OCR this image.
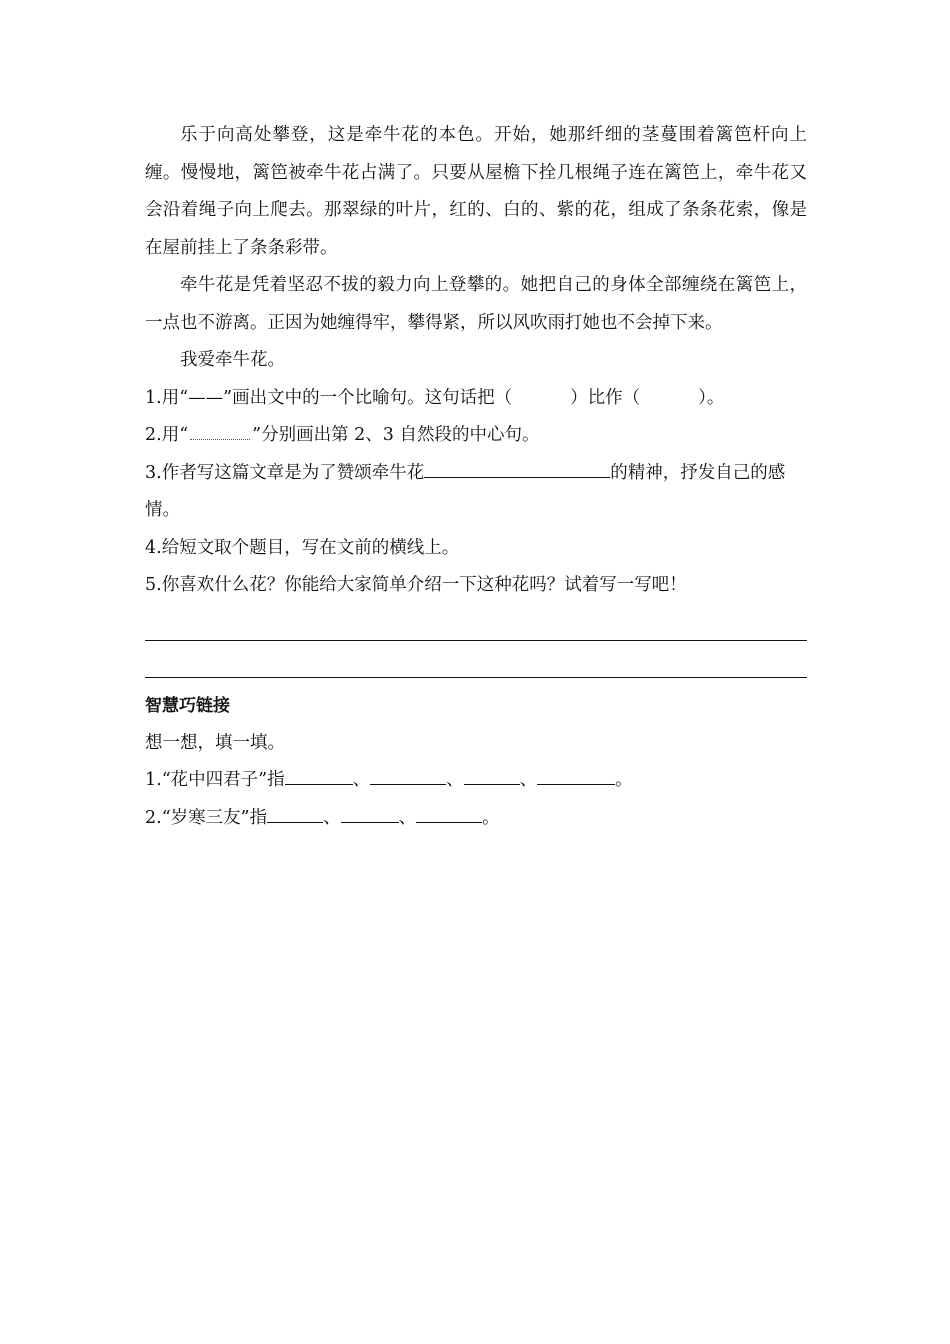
乐于向高处攀登，这是牵牛花的本色。开始，她那纤细的茎蔓围着篱笆杆向上缠。慢慢地，篱笆被牵牛花占满了。只要从屋檐下拴几根绳子连在篱笆上，牵牛花又会沿着绳子向上爬去。那翠绿的叶片，红的、白的、紫的花，组成了条条花索，像是在屋前挂上了条条彩带。

牵牛花是凭着坚忍不拔的毅力向上登攀的。她把自己的身体全部缠绕在篱笆上，一点也不游离。正因为她缠得牢，攀得紧，所以风吹雨打她也不会掉下来。

我爱牵牛花。

1.用“——”画出文中的一个比喻句。这句话把（	）比作（	）。

2.用“	”分别画出第 2、3 自然段的中心句。

3.作者写这篇文章是为了赞颂牵牛花	的精神，抒发自己的感情。

4.给短文取个题目，写在文前的横线上。

5.你喜欢什么花？你能给大家简单介绍一下这种花吗？试着写一写吧！

智慧巧链接

想一想，填一填。

1.“花中四君子”指	、	、	、	。

2.“岁寒三友”指	、	、	。
